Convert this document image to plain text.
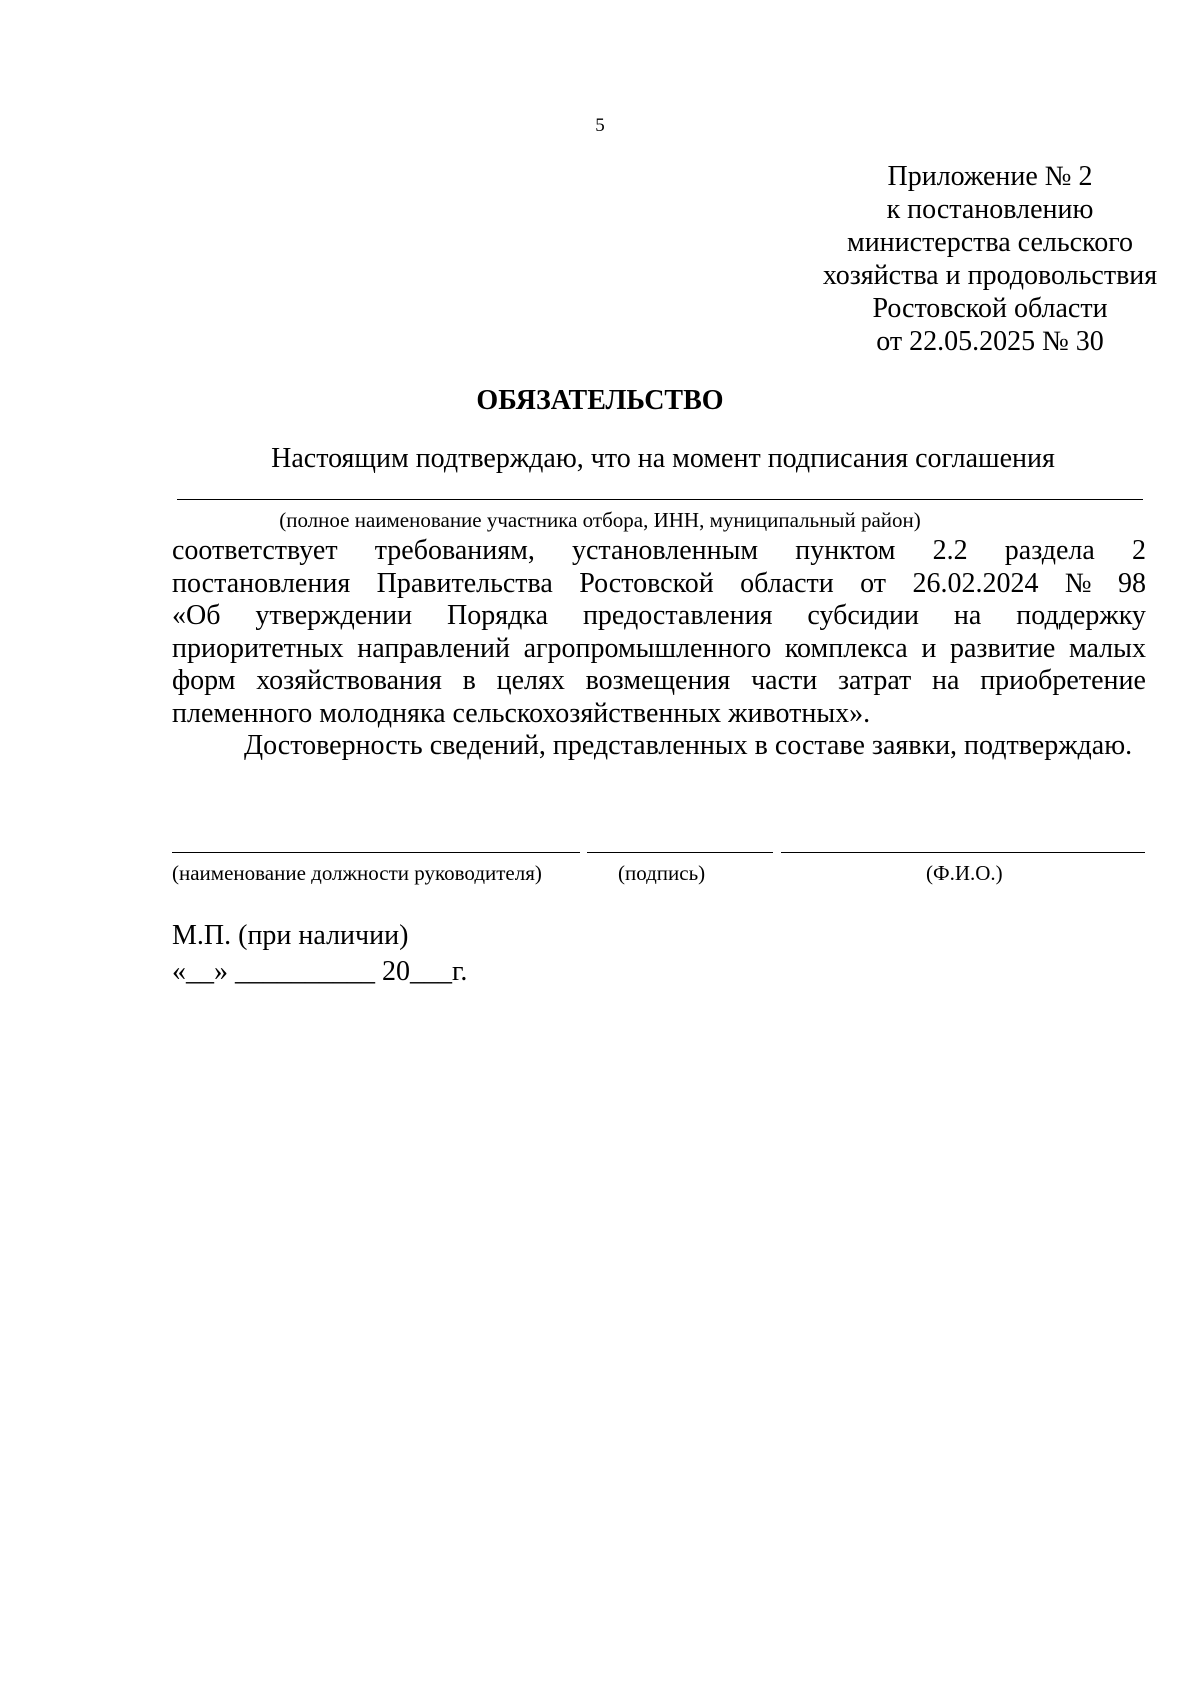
5
Приложение № 2
к постановлению
министерства сельского
хозяйства и продовольствия
Ростовской области
от 22.05.2025 № 30
ОБЯЗАТЕЛЬСТВО
Настоящим подтверждаю, что на момент подписания соглашения
(полное наименование участника отбора, ИНН, муниципальный район)
соответствует требованиям, установленным пунктом 2.2 раздела 2
постановления Правительства Ростовской области от 26.02.2024 № 98
«Об утверждении Порядка предоставления субсидии на поддержку
приоритетных направлений агропромышленного комплекса и развитие малых
форм хозяйствования в целях возмещения части затрат на приобретение
племенного молодняка сельскохозяйственных животных».
Достоверность сведений, представленных в составе заявки, подтверждаю.
(наименование должности руководителя)	(подпись)	(Ф.И.О.)
М.П. (при наличии)
«__» __________ 20___г.
